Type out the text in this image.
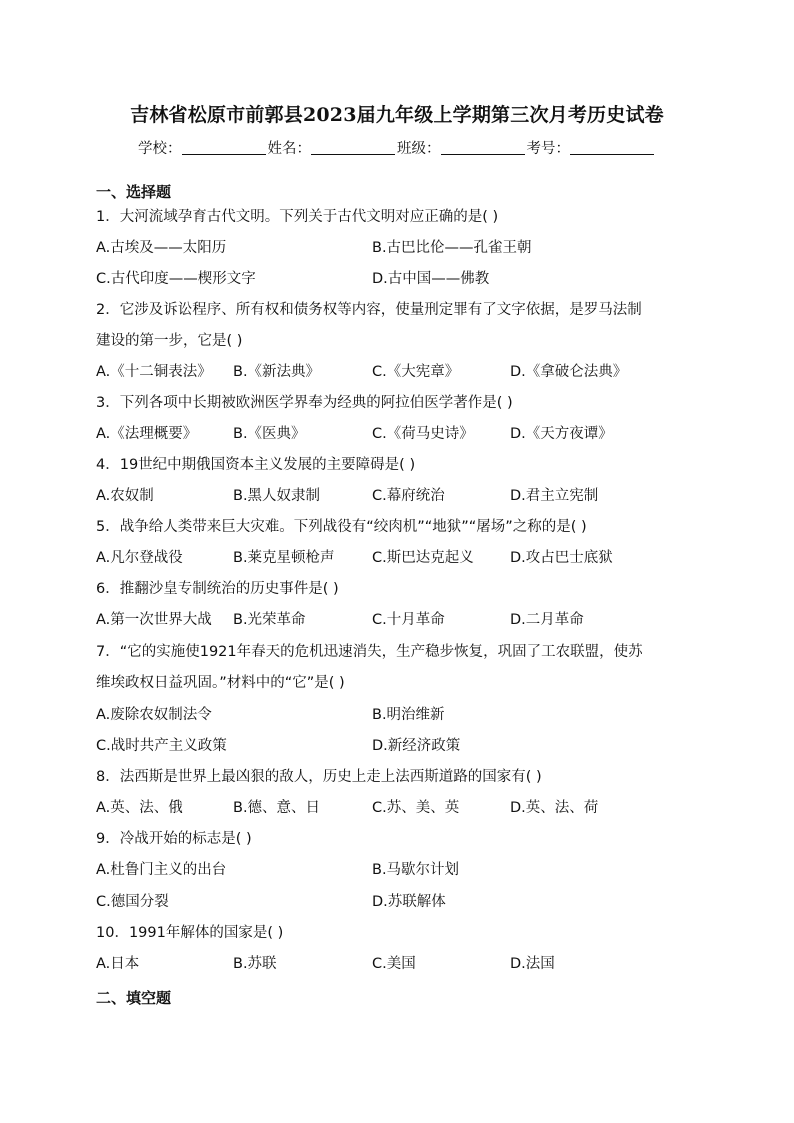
吉林省松原市前郭县2023届九年级上学期第三次月考历史试卷
学校：	姓名：	班级：	考号：
一、选择题
1．大河流域孕育古代文明。下列关于古代文明对应正确的是( )
A.古埃及——太阳历	B.古巴比伦——孔雀王朝
C.古代印度——楔形文字	D.古中国——佛教
2．它涉及诉讼程序、所有权和债务权等内容，使量刑定罪有了文字依据，是罗马法制
建设的第一步，它是( )
A.《十二铜表法》 B.《新法典》	C.《大宪章》	D.《拿破仑法典》
3．下列各项中长期被欧洲医学界奉为经典的阿拉伯医学著作是( )
A.《法理概要》 B.《医典》	C.《荷马史诗》	D.《天方夜谭》
4．19世纪中期俄国资本主义发展的主要障碍是( )
A.农奴制	B.黑人奴隶制	C.幕府统治	D.君主立宪制
5．战争给人类带来巨大灾难。下列战役有“绞肉机”“地狱”“屠场”之称的是( )
A.凡尔登战役	B.莱克星顿枪声	C.斯巴达克起义	D.攻占巴士底狱
6．推翻沙皇专制统治的历史事件是( )
A.第一次世界大战 B.光荣革命	C.十月革命	D.二月革命
7．“它的实施使1921年春天的危机迅速消失，生产稳步恢复，巩固了工农联盟，使苏
维埃政权日益巩固。”材料中的“它”是( )
A.废除农奴制法令	B.明治维新
C.战时共产主义政策	D.新经济政策
8．法西斯是世界上最凶狠的敌人，历史上走上法西斯道路的国家有( )
A.英、法、俄	B.德、意、日	C.苏、美、英	D.英、法、荷
9．冷战开始的标志是( )
A.杜鲁门主义的出台	B.马歇尔计划
C.德国分裂	D.苏联解体
10．1991年解体的国家是( )
A.日本	B.苏联	C.美国	D.法国
二、填空题
